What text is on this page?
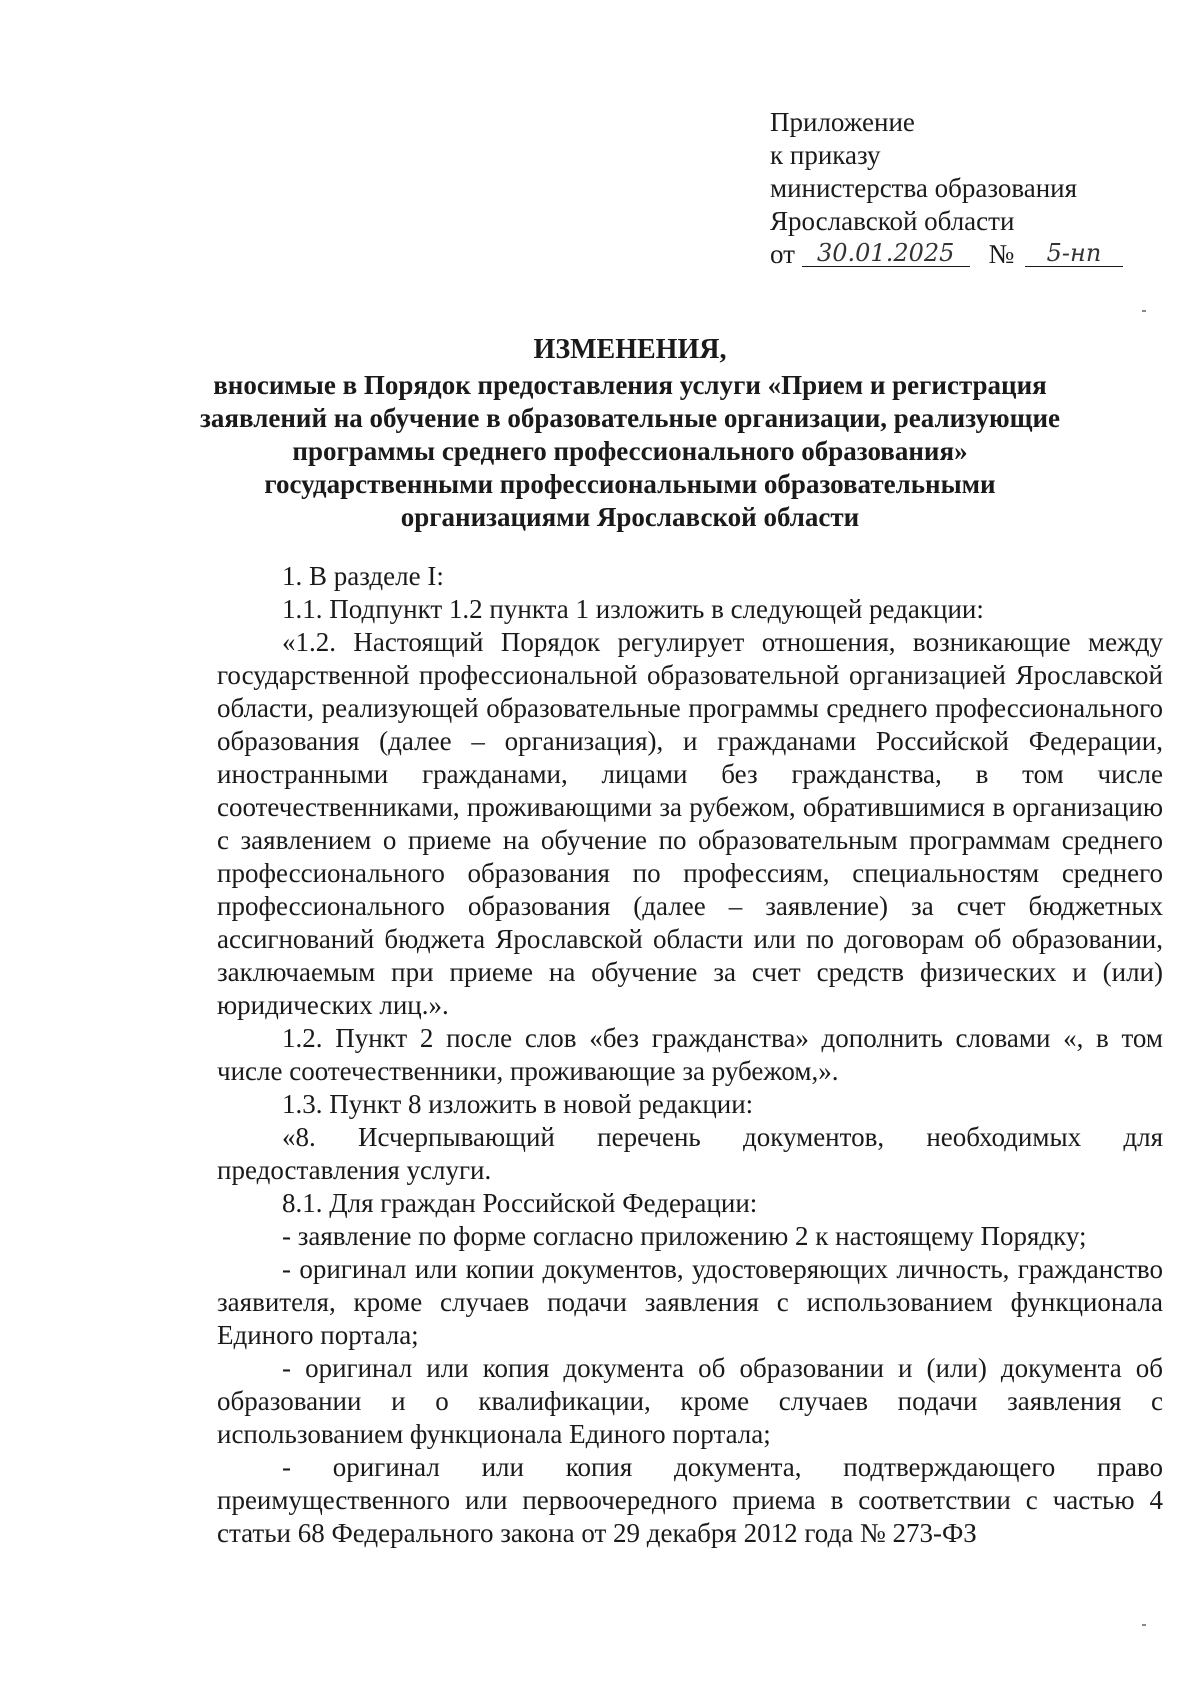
Приложение
к приказу
министерства образования
Ярославской области
от 30.01.2025 № 5-нп
ИЗМЕНЕНИЯ,
вносимые в Порядок предоставления услуги «Прием и регистрация
заявлений на обучение в образовательные организации, реализующие
программы среднего профессионального образования»
государственными профессиональными образовательными
организациями Ярославской области

1. В разделе I:

1.1. Подпункт 1.2 пункта 1 изложить в следующей редакции:

«1.2. Настоящий Порядок регулирует отношения, возникающие между государственной профессиональной образовательной организацией Ярославской области, реализующей образовательные программы среднего профессионального образования (далее – организация), и гражданами Российской Федерации, иностранными гражданами, лицами без гражданства, в том числе соотечественниками, проживающими за рубежом, обратившимися в организацию с заявлением о приеме на обучение по образовательным программам среднего профессионального образования по профессиям, специальностям среднего профессионального образования (далее – заявление) за счет бюджетных ассигнований бюджета Ярославской области или по договорам об образовании, заключаемым при приеме на обучение за счет средств физических и (или) юридических лиц.».

1.2. Пункт 2 после слов «без гражданства» дополнить словами «, в том числе соотечественники, проживающие за рубежом,».

1.3. Пункт 8 изложить в новой редакции:

«8. Исчерпывающий перечень документов, необходимых для предоставления услуги.

8.1. Для граждан Российской Федерации:

- заявление по форме согласно приложению 2 к настоящему Порядку;

- оригинал или копии документов, удостоверяющих личность, гражданство заявителя, кроме случаев подачи заявления с использованием функционала Единого портала;

- оригинал или копия документа об образовании и (или) документа об образовании и о квалификации, кроме случаев подачи заявления с использованием функционала Единого портала;

- оригинал или копия документа, подтверждающего право преимущественного или первоочередного приема в соответствии с частью 4 статьи 68 Федерального закона от 29 декабря 2012 года № 273-ФЗ
